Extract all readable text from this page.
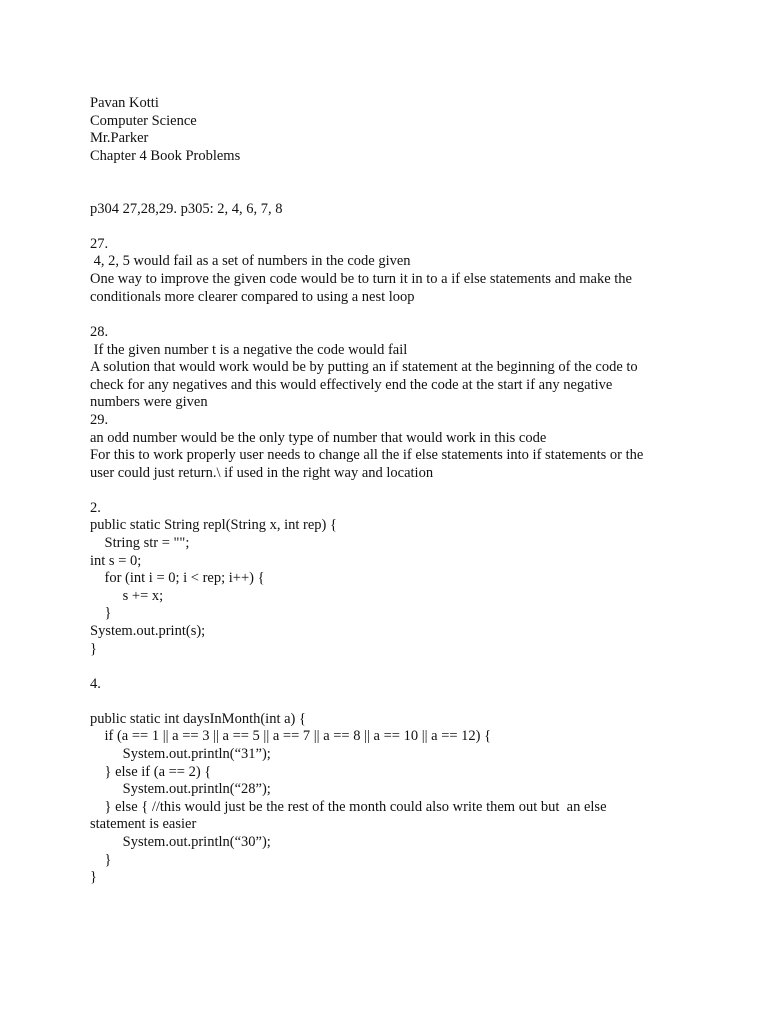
Pavan Kotti
Computer Science
Mr.Parker
Chapter 4 Book Problems
p304 27,28,29. p305: 2, 4, 6, 7, 8
27.
4, 2, 5 would fail as a set of numbers in the code given
One way to improve the given code would be to turn it in to a if else statements and make the
conditionals more clearer compared to using a nest loop
28.
If the given number t is a negative the code would fail
A solution that would work would be by putting an if statement at the beginning of the code to
check for any negatives and this would effectively end the code at the start if any negative
numbers were given
29.
an odd number would be the only type of number that would work in this code
For this to work properly user needs to change all the if else statements into if statements or the
user could just return.\ if used in the right way and location
2.
public static String repl(String x, int rep) {
String str = "";
int s = 0;
for (int i = 0; i < rep; i++) {
s += x;
}
System.out.print(s);
}
4.
public static int daysInMonth(int a) {
if (a == 1 || a == 3 || a == 5 || a == 7 || a == 8 || a == 10 || a == 12) {
System.out.println(“31”);
} else if (a == 2) {
System.out.println(“28”);
} else { //this would just be the rest of the month could also write them out but  an else
statement is easier
System.out.println(“30”);
}
}
